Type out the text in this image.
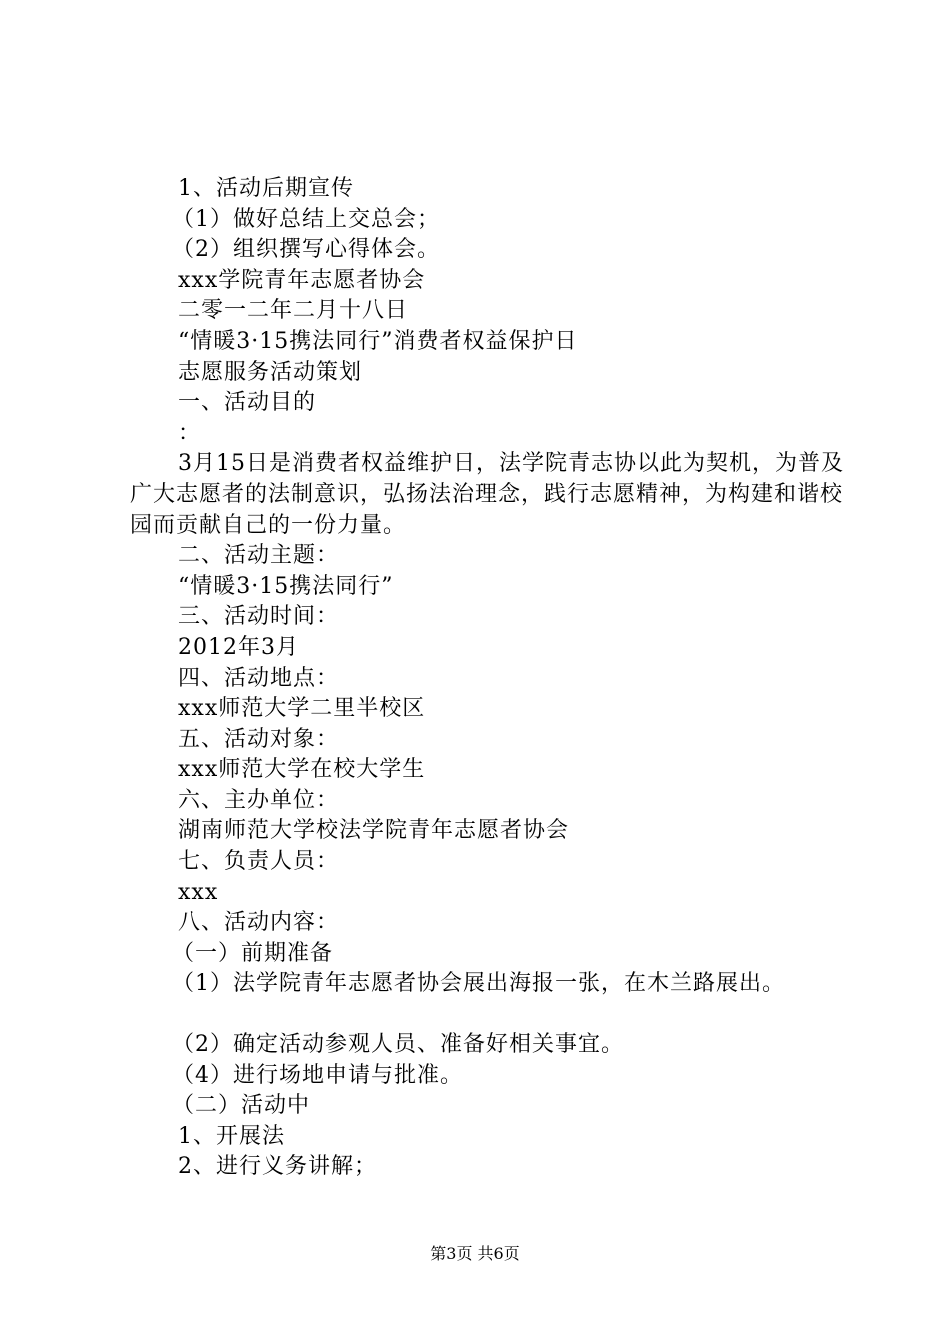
1、活动后期宣传
（1）做好总结上交总会；
（2）组织撰写心得体会。
xxx学院青年志愿者协会
二零一二年二月十八日
“情暖3·15携法同行”消费者权益保护日
志愿服务活动策划
一、活动目的
：
3月15日是消费者权益维护日，法学院青志协以此为契机，为普及广大志愿者的法制意识，弘扬法治理念，践行志愿精神，为构建和谐校园而贡献自己的一份力量。
二、活动主题：
“情暖3·15携法同行”
三、活动时间：
2012年3月
四、活动地点：
xxx师范大学二里半校区
五、活动对象：
xxx师范大学在校大学生
六、主办单位：
湖南师范大学校法学院青年志愿者协会
七、负责人员：
xxx
八、活动内容：
（一）前期准备
（1）法学院青年志愿者协会展出海报一张，在木兰路展出。
（2）确定活动参观人员、准备好相关事宜。
（4）进行场地申请与批准。
（二）活动中
1、开展法
2、进行义务讲解；
第3页 共6页
